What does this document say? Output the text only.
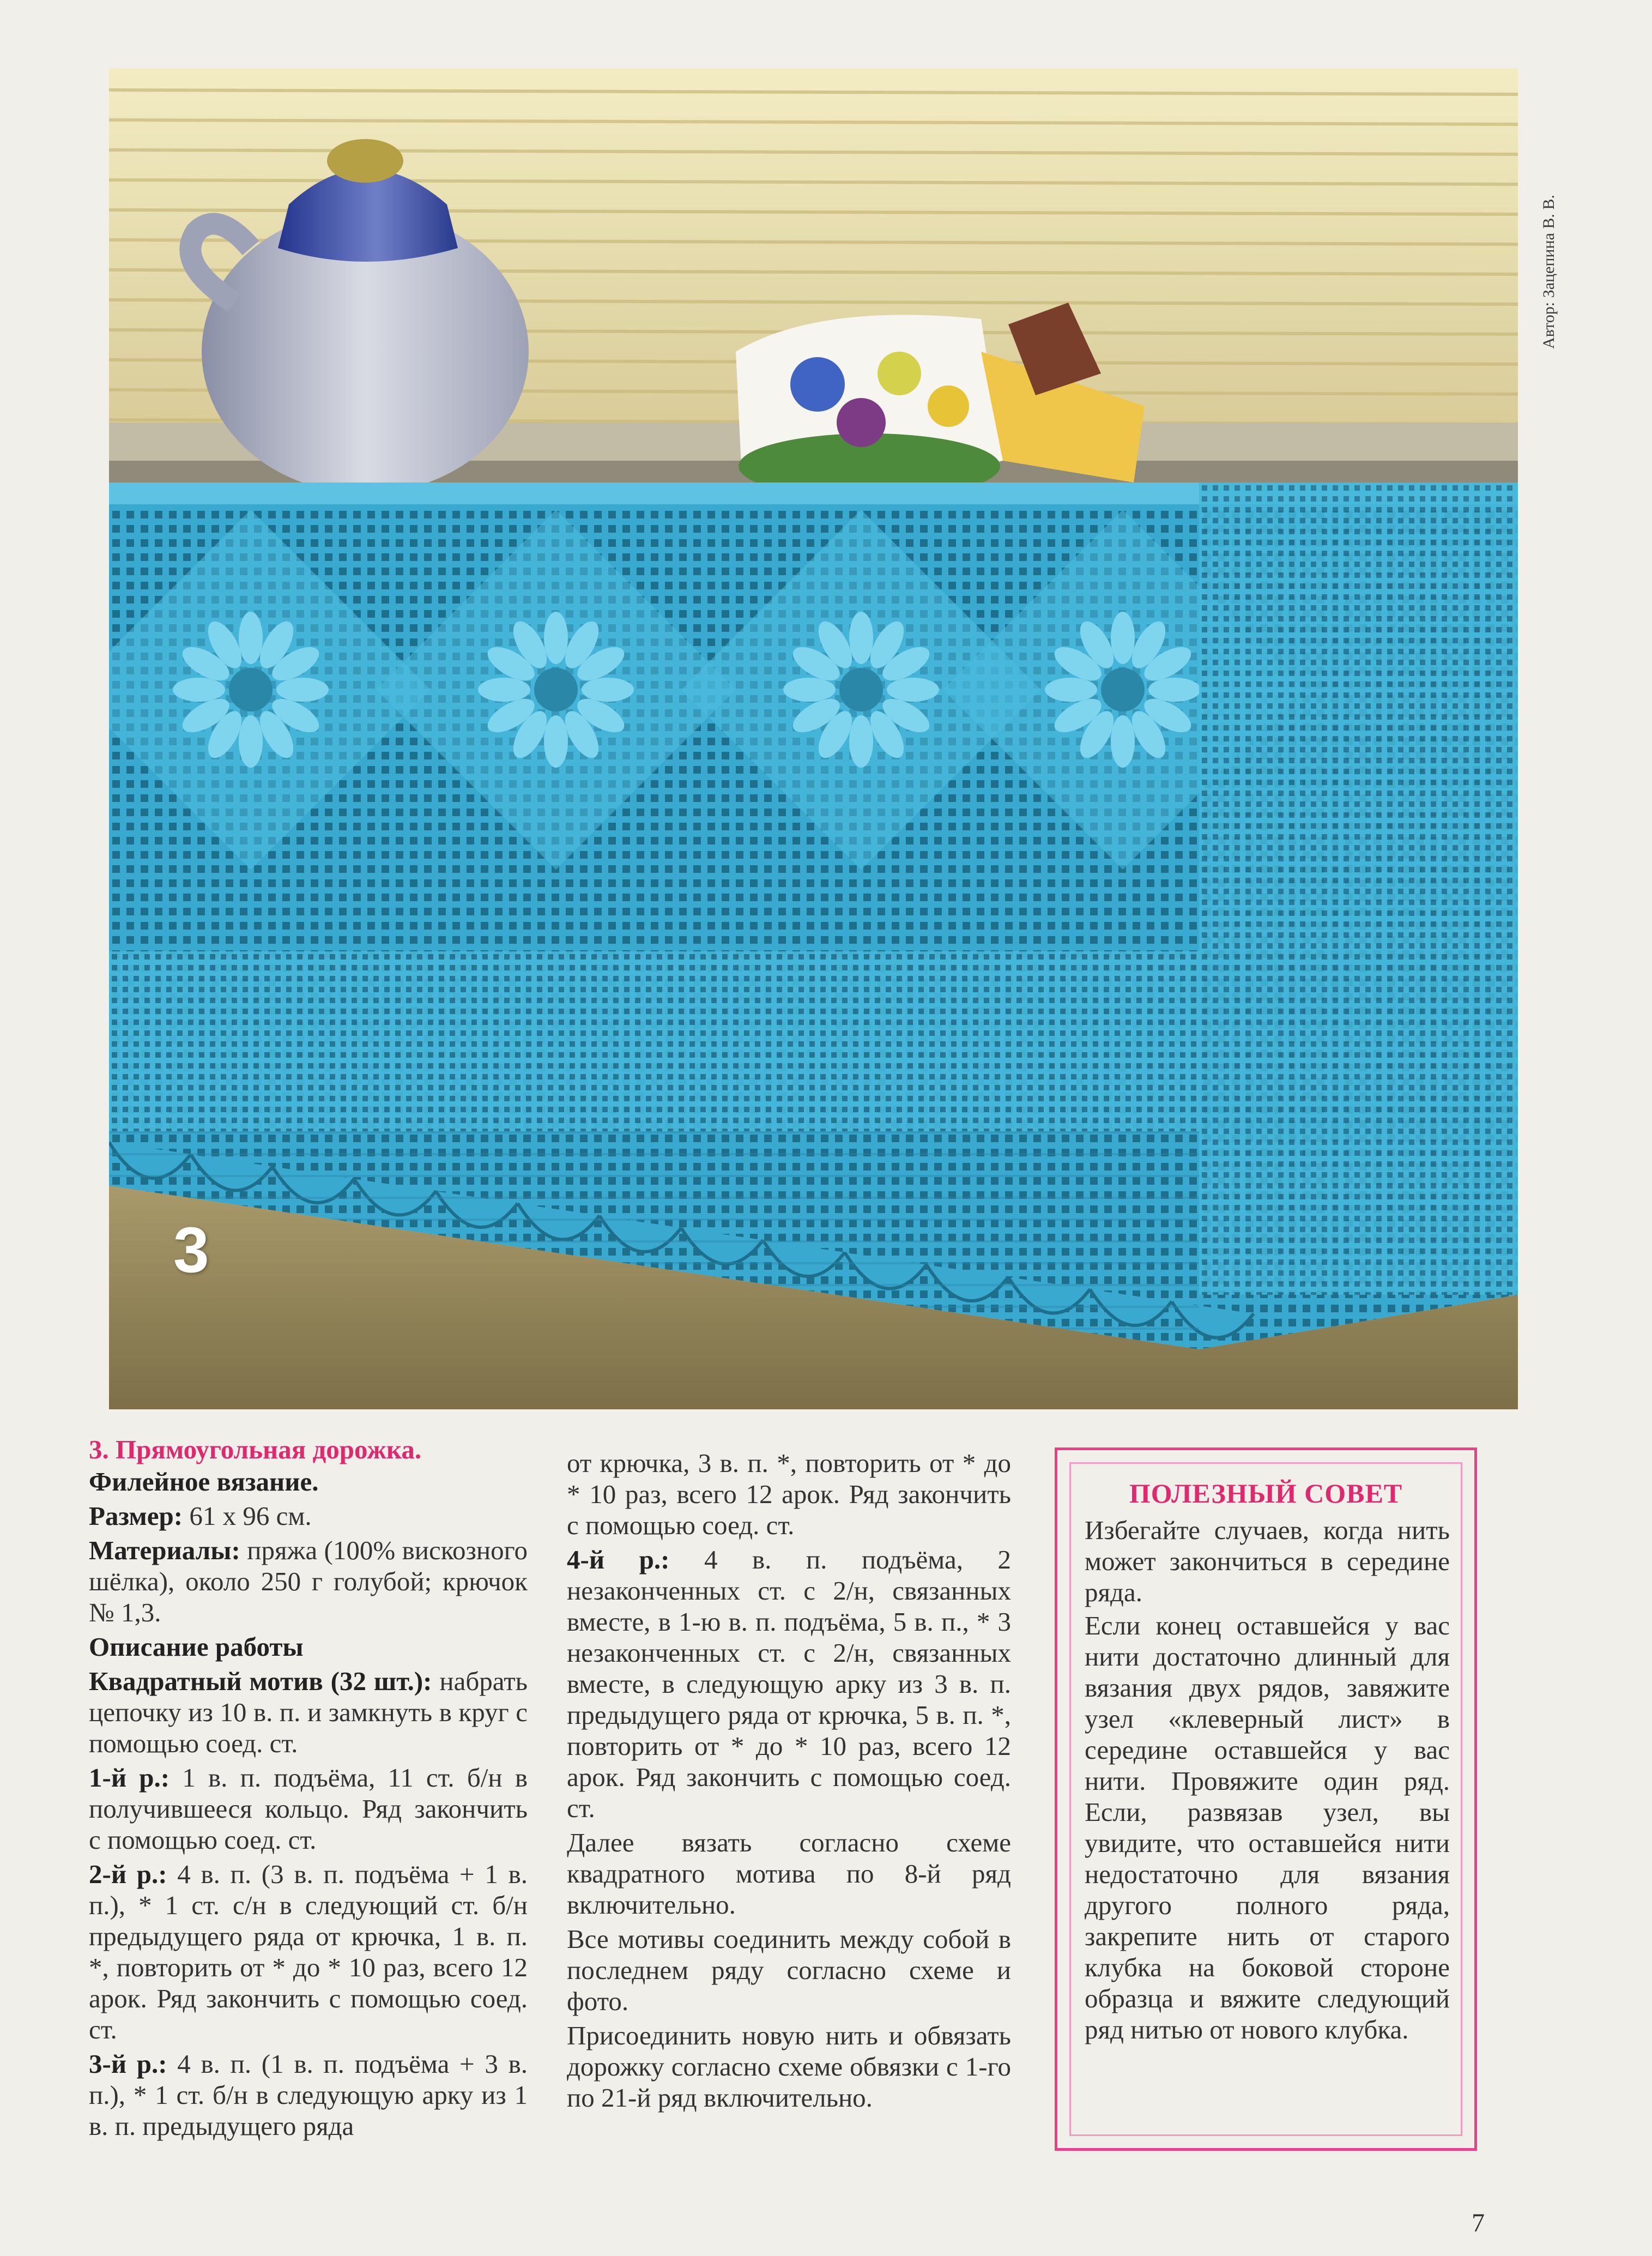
3
Автор: Зацепина В. В.
3. Прямоугольная дорожка.

Филейное вязание.

Размер: 61 х 96 см.

Материалы: пряжа (100% вискозного шёлка), около 250 г голубой; крючок № 1,3.

Описание работы

Квадратный мотив (32 шт.): набрать цепочку из 10 в. п. и замкнуть в круг с помощью соед. ст.

1-й р.: 1 в. п. подъёма, 11 ст. б/н в получившееся кольцо. Ряд закончить с помощью соед. ст.

2-й р.: 4 в. п. (3 в. п. подъёма + 1 в. п.), * 1 ст. с/н в следующий ст. б/н предыдущего ряда от крючка, 1 в. п. *, повторить от * до * 10 раз, всего 12 арок. Ряд закончить с помощью соед. ст.

3-й р.: 4 в. п. (1 в. п. подъёма + 3 в. п.), * 1 ст. б/н в следующую арку из 1 в. п. предыдущего ряда

от крючка, 3 в. п. *, повторить от * до * 10 раз, всего 12 арок. Ряд закончить с помощью соед. ст.

4-й р.: 4 в. п. подъёма, 2 незаконченных ст. с 2/н, связанных вместе, в 1-ю в. п. подъёма, 5 в. п., * 3 незаконченных ст. с 2/н, связанных вместе, в следующую арку из 3 в. п. предыдущего ряда от крючка, 5 в. п. *, повторить от * до * 10 раз, всего 12 арок. Ряд закончить с помощью соед. ст.

Далее вязать согласно схеме квадратного мотива по 8-й ряд включительно.

Все мотивы соединить между собой в последнем ряду согласно схеме и фото.

Присоединить новую нить и обвязать дорожку согласно схеме обвязки с 1-го по 21-й ряд включительно.

ПОЛЕЗНЫЙ СОВЕТ

Избегайте случаев, когда нить может закончиться в середине ряда.

Если конец оставшейся у вас нити достаточно длинный для вязания двух рядов, завяжите узел «клеверный лист» в середине оставшейся у вас нити. Провяжите один ряд. Если, развязав узел, вы увидите, что оставшейся нити недостаточно для вязания другого полного ряда, закрепите нить от старого клубка на боковой стороне образца и вяжите следующий ряд нитью от нового клубка.

7
